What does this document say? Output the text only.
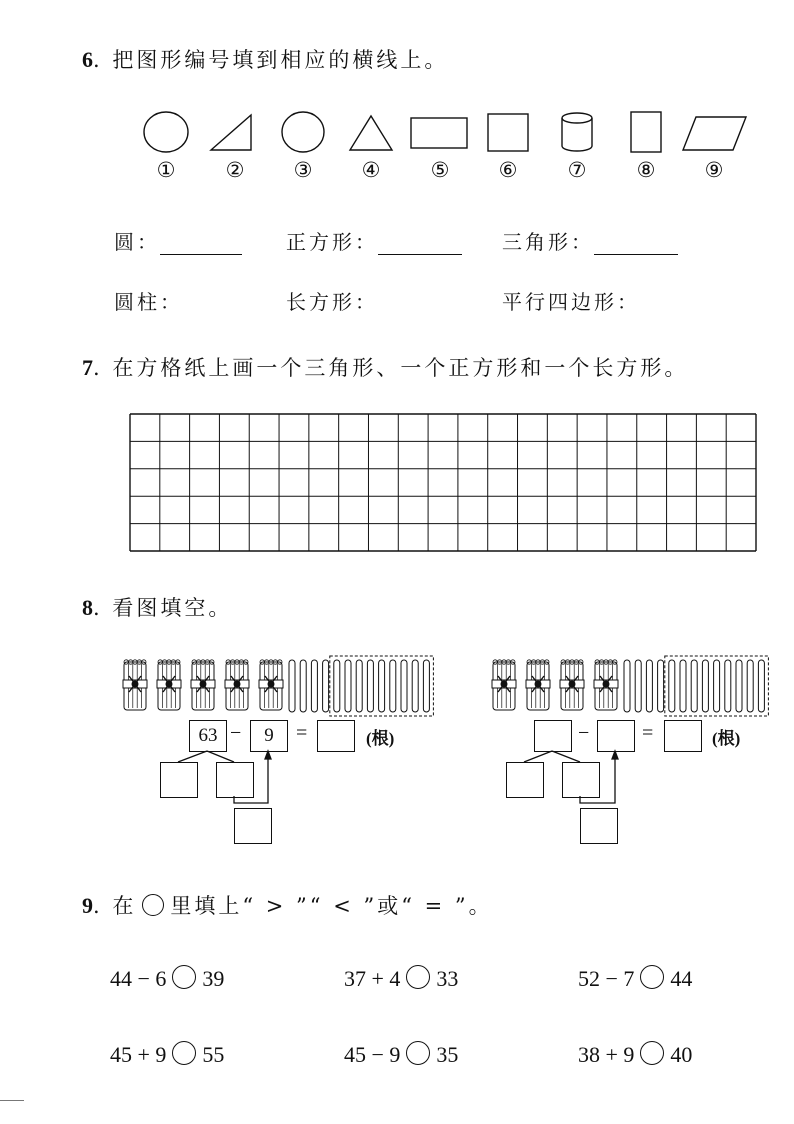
6. 把图形编号填到相应的横线上。
①	②	③	④	⑤	⑥	⑦	⑧	⑨
圆：	正方形：	三角形：
圆柱：	长方形：	平行四边形：
7. 在方格纸上画一个三角形、一个正方形和一个长方形。
8. 看图填空。
63 −	9	=	(根)	−	=	(根)
9. 在 里填上“ > ”“ < ”或“ = ”。
44 − 6 39	37 + 4 33	52 − 7 44
45 + 9 55	45 − 9 35	38 + 9 40
